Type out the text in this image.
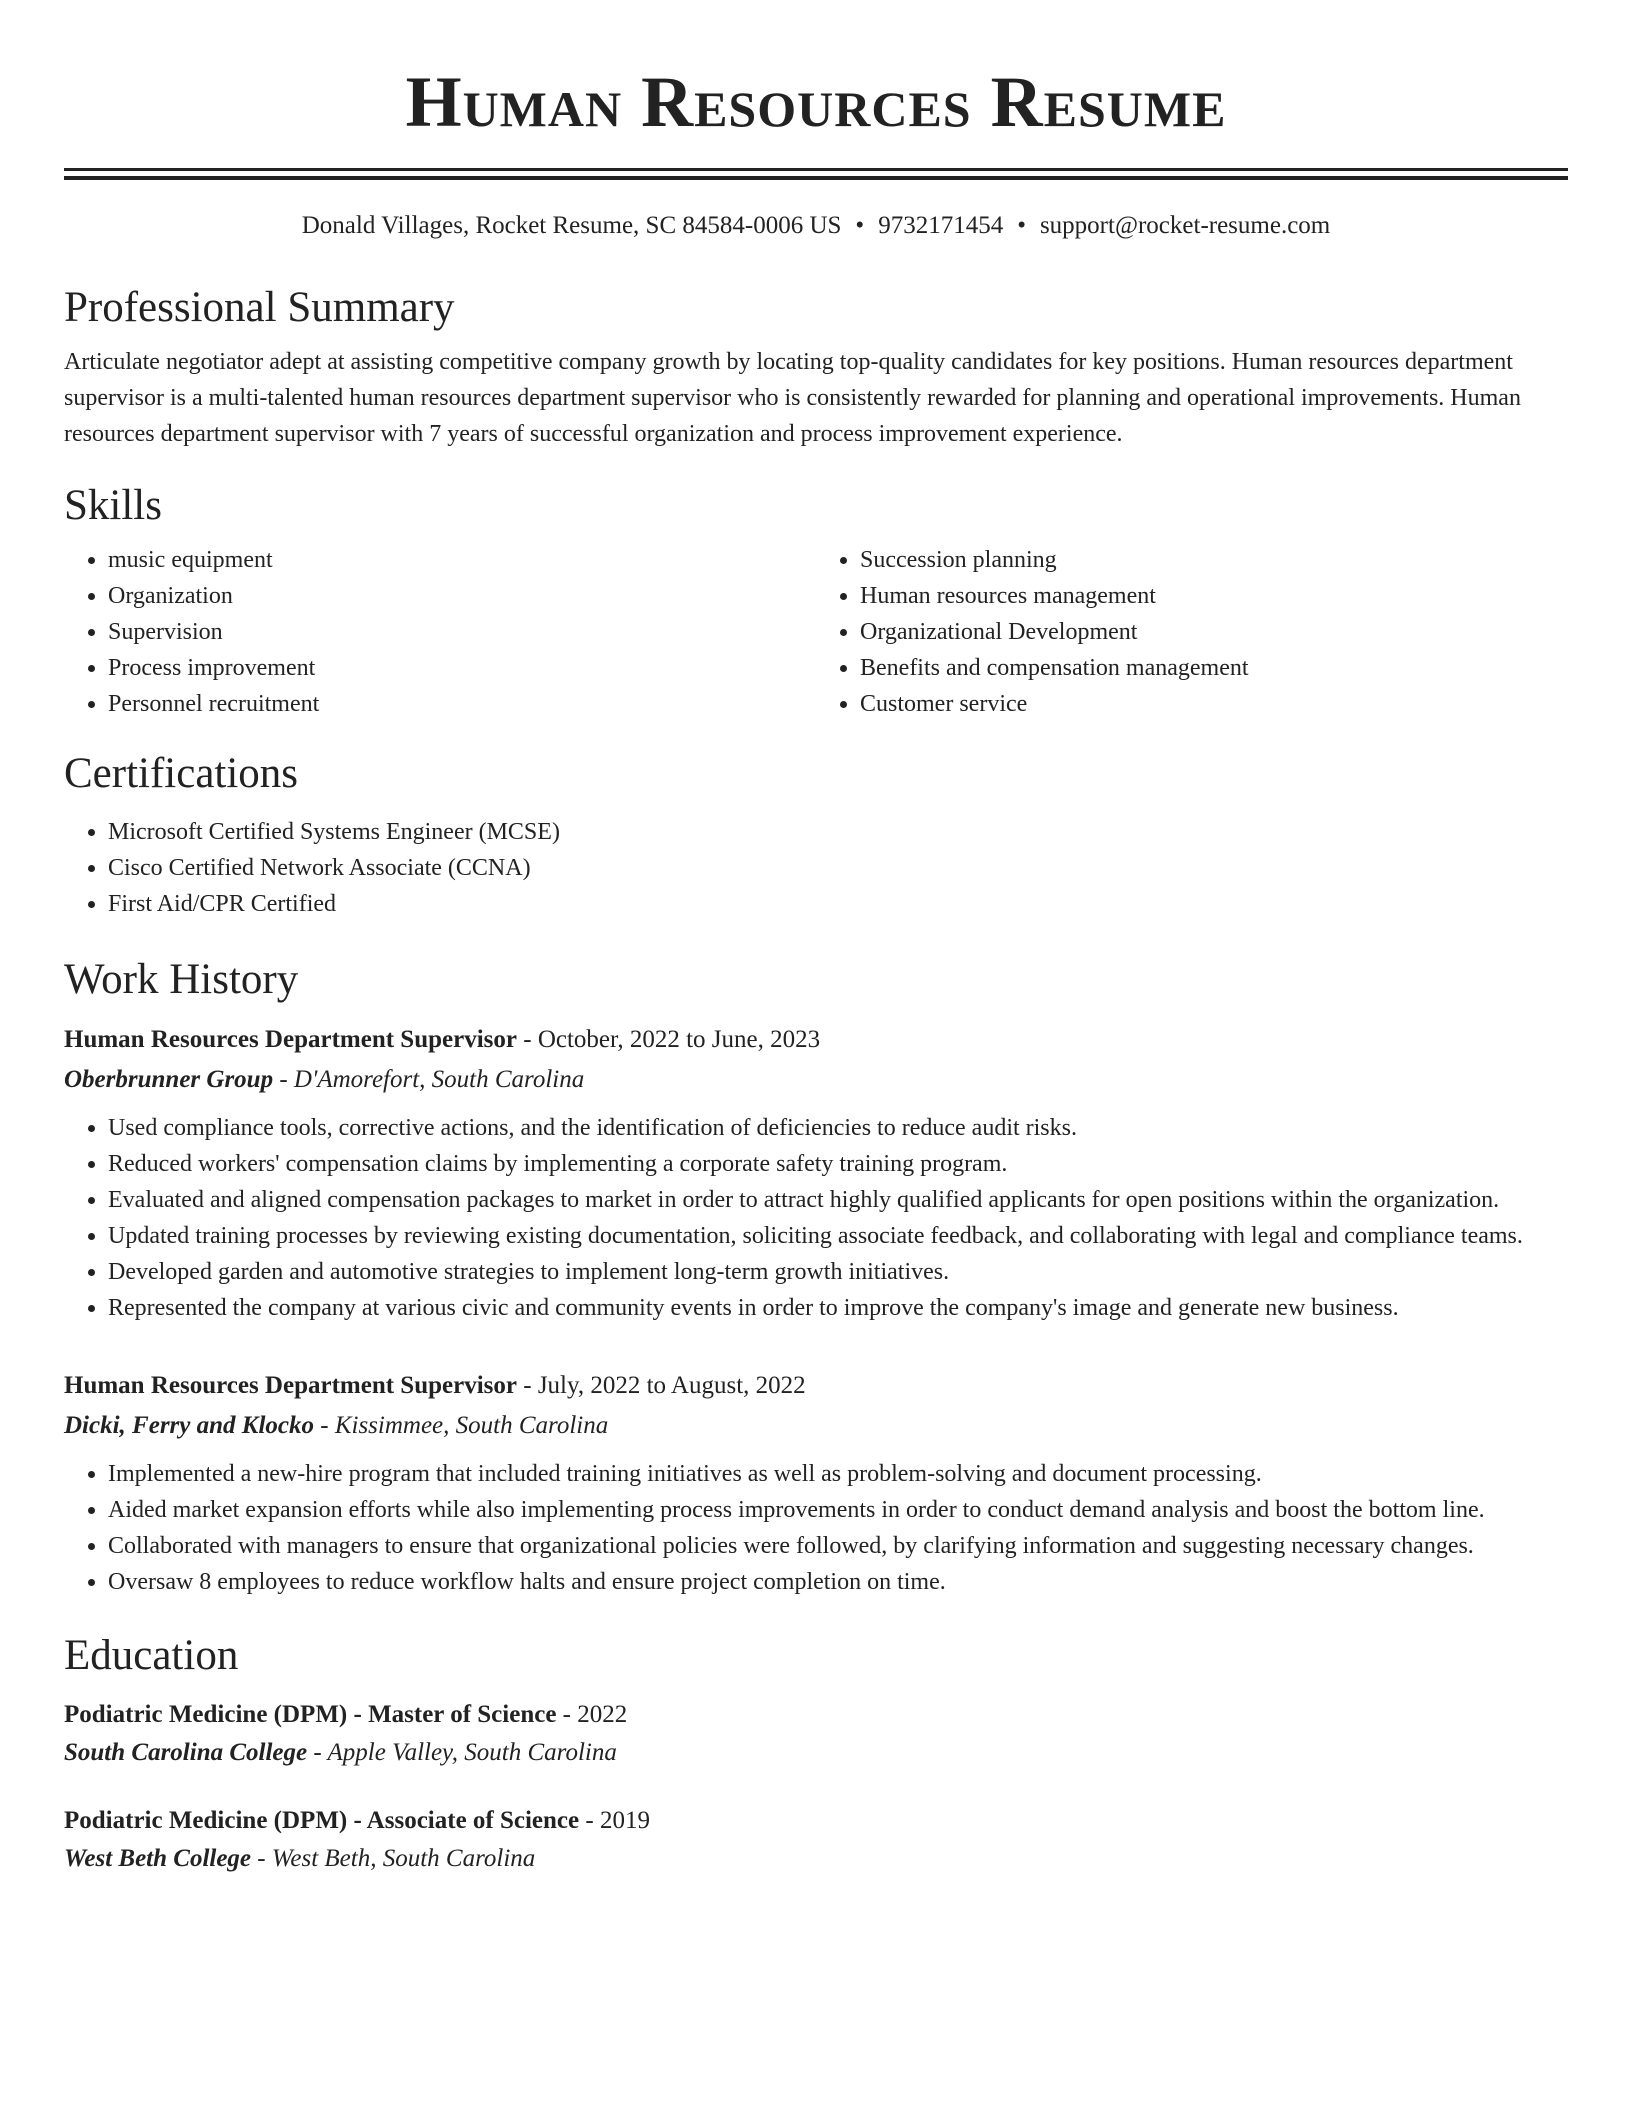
Human Resources Resume
Donald Villages, Rocket Resume, SC 84584-0006 US • 9732171454 • support@rocket-resume.com
Professional Summary

Articulate negotiator adept at assisting competitive company growth by locating top-quality candidates for key positions. Human resources department supervisor is a multi-talented human resources department supervisor who is consistently rewarded for planning and operational improvements. Human resources department supervisor with 7 years of successful organization and process improvement experience.

Skills
• music equipment
• Organization
• Supervision
• Process improvement
• Personnel recruitment
• Succession planning
• Human resources management
• Organizational Development
• Benefits and compensation management
• Customer service
Certifications
• Microsoft Certified Systems Engineer (MCSE)
• Cisco Certified Network Associate (CCNA)
• First Aid/CPR Certified
Work History
Human Resources Department Supervisor - October, 2022 to June, 2023
Oberbrunner Group - D'Amorefort, South Carolina
• Used compliance tools, corrective actions, and the identification of deficiencies to reduce audit risks.
• Reduced workers' compensation claims by implementing a corporate safety training program.
• Evaluated and aligned compensation packages to market in order to attract highly qualified applicants for open positions within the organization.
• Updated training processes by reviewing existing documentation, soliciting associate feedback, and collaborating with legal and compliance teams.
• Developed garden and automotive strategies to implement long-term growth initiatives.
• Represented the company at various civic and community events in order to improve the company's image and generate new business.
Human Resources Department Supervisor - July, 2022 to August, 2022
Dicki, Ferry and Klocko - Kissimmee, South Carolina
• Implemented a new-hire program that included training initiatives as well as problem-solving and document processing.
• Aided market expansion efforts while also implementing process improvements in order to conduct demand analysis and boost the bottom line.
• Collaborated with managers to ensure that organizational policies were followed, by clarifying information and suggesting necessary changes.
• Oversaw 8 employees to reduce workflow halts and ensure project completion on time.
Education
Podiatric Medicine (DPM) - Master of Science - 2022
South Carolina College - Apple Valley, South Carolina
Podiatric Medicine (DPM) - Associate of Science - 2019
West Beth College - West Beth, South Carolina
